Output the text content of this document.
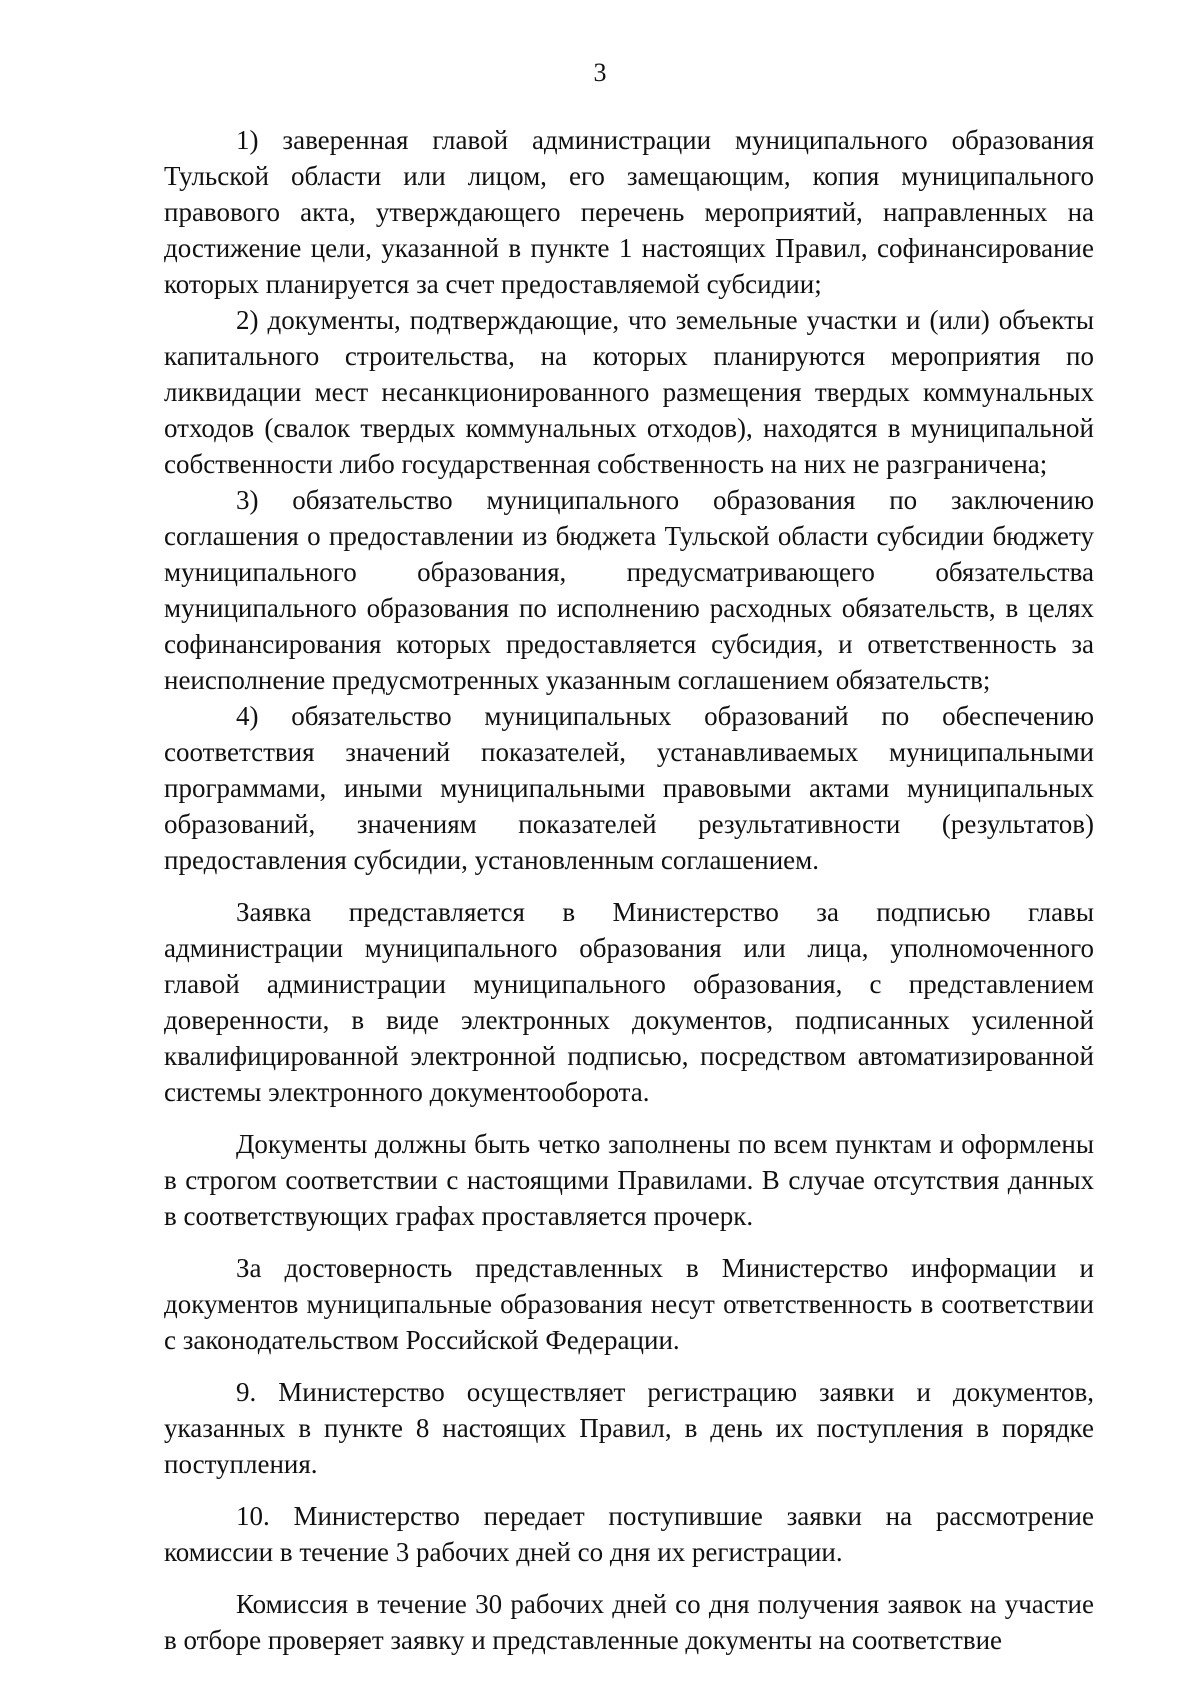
3

1) заверенная главой администрации муниципального образования Тульской области или лицом, его замещающим, копия муниципального правового акта, утверждающего перечень мероприятий, направленных на достижение цели, указанной в пункте 1 настоящих Правил, софинансирование которых планируется за счет предоставляемой субсидии;

2) документы, подтверждающие, что земельные участки и (или) объекты капитального строительства, на которых планируются мероприятия по ликвидации мест несанкционированного размещения твердых коммунальных отходов (свалок твердых коммунальных отходов), находятся в муниципальной собственности либо государственная собственность на них не разграничена;

3) обязательство муниципального образования по заключению соглашения о предоставлении из бюджета Тульской области субсидии бюджету муниципального образования, предусматривающего обязательства муниципального образования по исполнению расходных обязательств, в целях софинансирования которых предоставляется субсидия, и ответственность за неисполнение предусмотренных указанным соглашением обязательств;

4) обязательство муниципальных образований по обеспечению соответствия значений показателей, устанавливаемых муниципальными программами, иными муниципальными правовыми актами муниципальных образований, значениям показателей результативности (результатов) предоставления субсидии, установленным соглашением.

Заявка представляется в Министерство за подписью главы администрации муниципального образования или лица, уполномоченного главой администрации муниципального образования, с представлением доверенности, в виде электронных документов, подписанных усиленной квалифицированной электронной подписью, посредством автоматизированной системы электронного документооборота.

Документы должны быть четко заполнены по всем пунктам и оформлены в строгом соответствии с настоящими Правилами. В случае отсутствия данных в соответствующих графах проставляется прочерк.

За достоверность представленных в Министерство информации и документов муниципальные образования несут ответственность в соответствии с законодательством Российской Федерации.

9. Министерство осуществляет регистрацию заявки и документов, указанных в пункте 8 настоящих Правил, в день их поступления в порядке поступления.

10. Министерство передает поступившие заявки на рассмотрение комиссии в течение 3 рабочих дней со дня их регистрации.

Комиссия в течение 30 рабочих дней со дня получения заявок на участие в отборе проверяет заявку и представленные документы на соответствие
